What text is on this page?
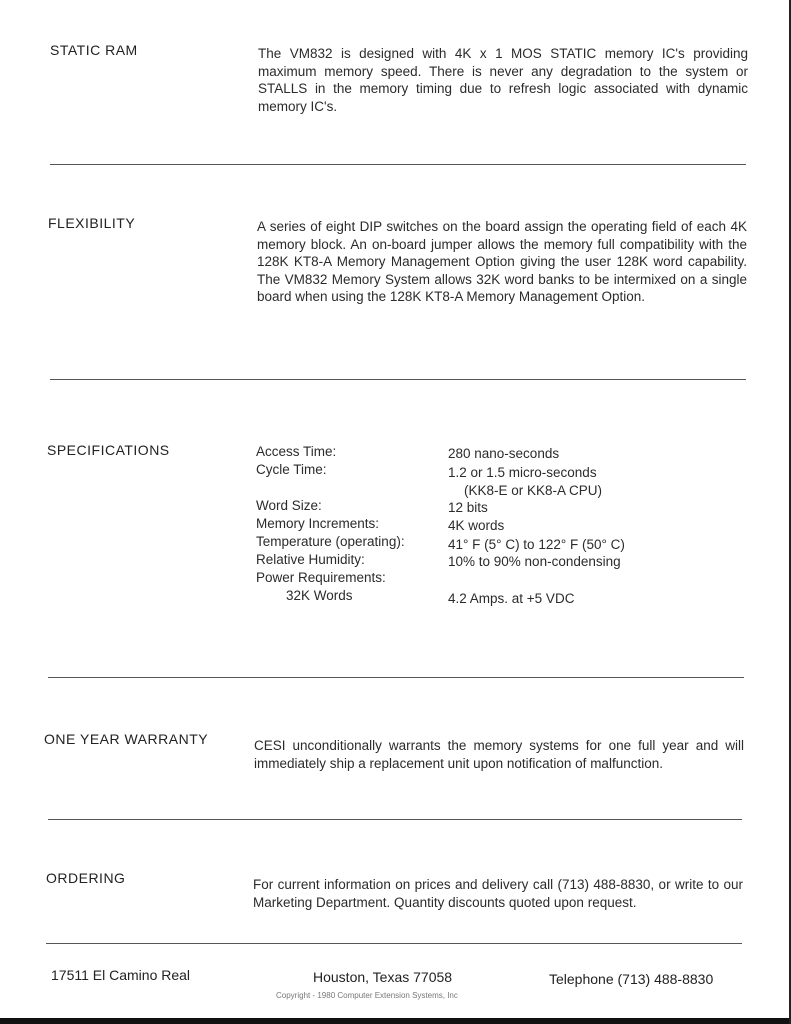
STATIC RAM	The VM832 is designed with 4K x 1 MOS STATIC memory IC's providing maximum memory speed. There is never any degradation to the system or STALLS in the memory timing due to refresh logic associated with dynamic memory IC's.
FLEXIBILITY	A series of eight DIP switches on the board assign the operating field of each 4K memory block. An on-board jumper allows the memory full compatibility with the 128K KT8-A Memory Management Option giving the user 128K word capability. The VM832 Memory System allows 32K word banks to be intermixed on a single board when using the 128K KT8-A Memory Management Option.
SPECIFICATIONS	Access Time:	280 nano-seconds
Cycle Time:	1.2 or 1.5 micro-seconds
(KK8-E or KK8-A CPU)
Word Size:	12 bits
Memory Increments:	4K words
Temperature (operating):	41° F (5° C) to 122° F (50° C)
Relative Humidity:	10% to 90% non-condensing
Power Requirements:
32K Words	4.2 Amps. at +5 VDC
ONE YEAR WARRANTY	CESI unconditionally warrants the memory systems for one full year and will immediately ship a replacement unit upon notification of malfunction.
ORDERING	For current information on prices and delivery call (713) 488-8830, or write to our Marketing Department. Quantity discounts quoted upon request.
17511 El Camino Real	Houston, Texas 77058	Telephone (713) 488-8830
Copyright - 1980 Computer Extension Systems, Inc
